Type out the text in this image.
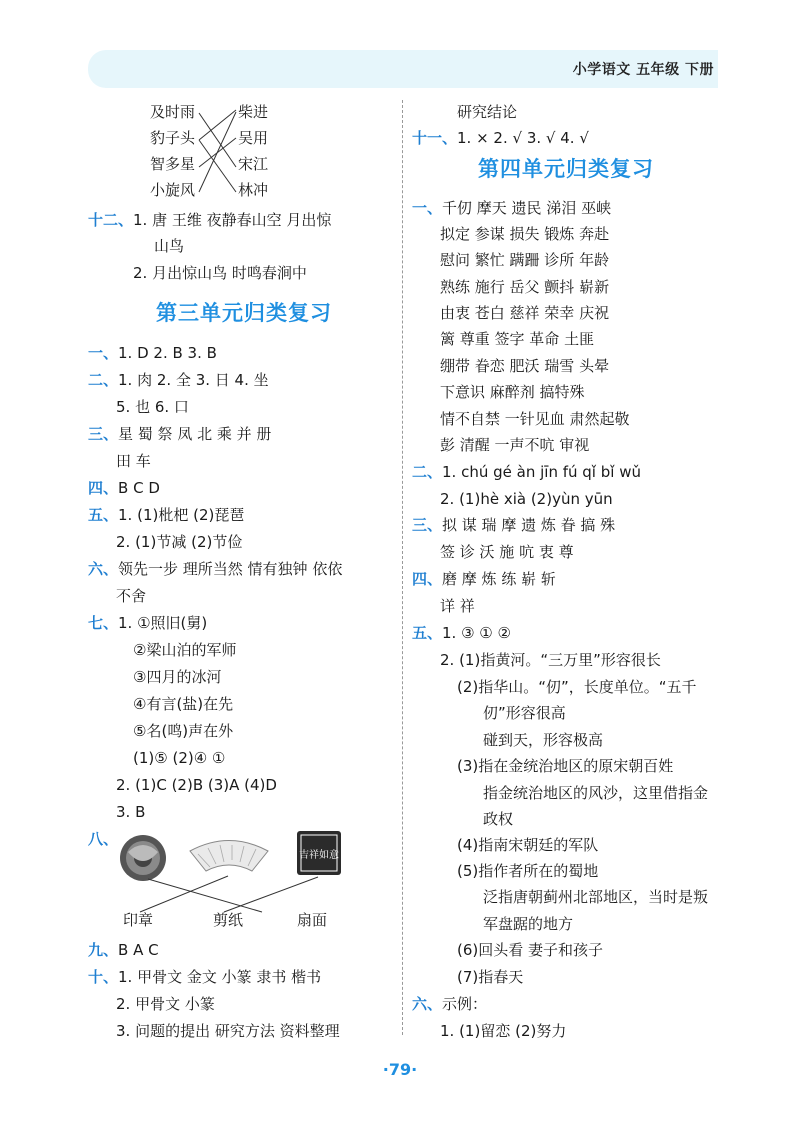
小学语文 五年级 下册
及时雨	柴进
豹子头	吴用
智多星	宋江
小旋风	林冲
十二、1. 唐 王维 夜静春山空 月出惊
山鸟
2. 月出惊山鸟 时鸣春涧中
一、1. D 2. B 3. B
二、1. 肉 2. 全 3. 日 4. 坐
5. 也 6. 口
三、星 蜀 祭 凤 北 乘 并 册
田 车
四、B C D
五、1. (1)枇杷 (2)琵琶
2. (1)节减 (2)节俭
六、领先一步 理所当然 情有独钟 依依
不舍
七、1. ①照旧(舅)
②梁山泊的军师
③四月的冰河
④有言(盐)在先
⑤名(鸣)声在外
(1)⑤ (2)④ ①
2. (1)C (2)B (3)A (4)D
3. B
八、
印章	剪纸	扇面
九、B A C
十、1. 甲骨文 金文 小篆 隶书 楷书
2. 甲骨文 小篆
3. 问题的提出 研究方法 资料整理
研究结论
十一、1. × 2. √ 3. √ 4. √
一、千仞 摩天 遗民 涕泪 巫峡
拟定 参谋 损失 锻炼 奔赴
慰问 繁忙 蹒跚 诊所 年龄
熟练 施行 岳父 颤抖 崭新
由衷 苍白 慈祥 荣幸 庆祝
篱 尊重 签字 革命 土匪
绷带 眷恋 肥沃 瑞雪 头晕
下意识 麻醉剂 搞特殊
情不自禁 一针见血 肃然起敬
彭 清醒 一声不吭 审视
二、1. chú gé àn jīn fú qǐ bǐ wǔ
2. (1)hè xià (2)yùn yūn
三、拟 谋 瑞 摩 遗 炼 眷 搞 殊
签 诊 沃 施 吭 衷 尊
四、磨 摩 炼 练 崭 斩
详 祥
五、1. ③ ① ②
2. (1)指黄河。“三万里”形容很长
(2)指华山。“仞”，长度单位。“五千
仞”形容很高
碰到天，形容极高
(3)指在金统治地区的原宋朝百姓
指金统治地区的风沙，这里借指金
政权
(4)指南宋朝廷的军队
(5)指作者所在的蜀地
泛指唐朝蓟州北部地区，当时是叛
军盘踞的地方
(6)回头看 妻子和孩子
(7)指春天
六、示例：
1. (1)留恋 (2)努力
第三单元归类复习
第四单元归类复习
吉祥如意
·79·
